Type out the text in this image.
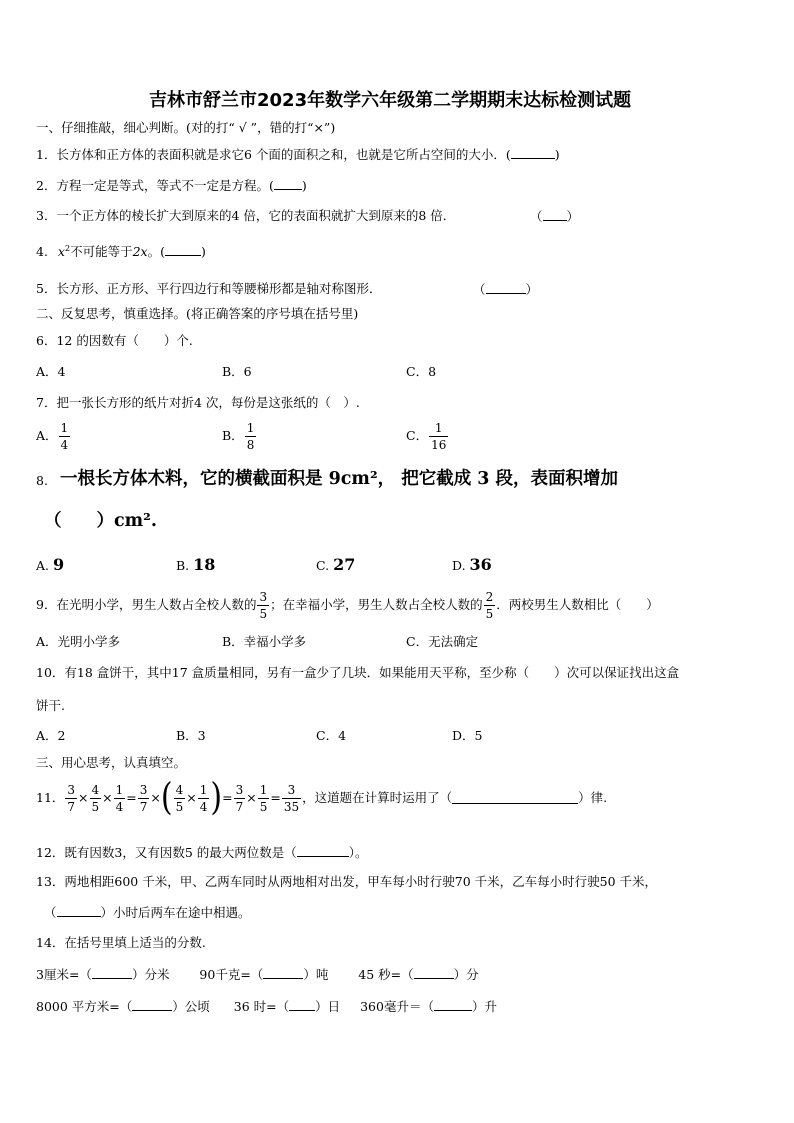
吉林市舒兰市2023年数学六年级第二学期期末达标检测试题
一、仔细推敲，细心判断。(对的打“ √ ”，错的打“×”)
1．长方体和正方体的表面积就是求它6 个面的面积之和，也就是它所占空间的大小．(	)
2．方程一定是等式，等式不一定是方程。( )
3．一个正方体的棱长扩大到原来的4 倍，它的表面积就扩大到原来的8 倍．	（ ）
4. $x^2$不可能等于2x。(	)
5．长方形、正方形、平行四边行和等腰梯形都是轴对称图形．	（	）
二、反复思考，慎重选择。(将正确答案的序号填在括号里)
6．12 的因数有（　　）个.
A．4	B．6	C．8
7．把一张长方形的纸片对折4 次，每份是这张纸的（　）.
A． $\frac{1}{4}$	B． $\frac{1}{8}$	C． $\frac{1}{16}$
8. 一根长方体木料，它的横截面积是 9cm²， 把它截成 3 段，表面积增加
（　　）cm².
A. 9	B. 18	C. 27	D. 36
9．在光明小学，男生人数占全校人数的 $\frac{3}{5}$ ；在幸福小学，男生人数占全校人数的 $\frac{2}{5}$ ．两校男生人数相比（　　）
A．光明小学多	B．幸福小学多	C．无法确定
10．有18 盒饼干，其中17 盒质量相同，另有一盒少了几块．如果能用天平称，至少称（　　）次可以保证找出这盒
饼干.
A．2	B．3	C．4	D．5
三、用心思考，认真填空。
11． $\frac{3}{7} \times \frac{4}{5} \times \frac{1}{4} = \frac{3}{7}$ × ( $\frac{4}{5} \times \frac{1}{4}$ ) = $\frac{3}{7} \times \frac{1}{5} = \frac{3}{35}$ ，这道题在计算时运用了（	）律.
12．既有因数3，又有因数5 的最大两位数是（	）。
13．两地相距600 千米，甲、乙两车同时从两地相对出发，甲车每小时行驶70 千米，乙车每小时行驶50 千米，
（	）小时后两车在途中相遇。
14．在括号里填上适当的分数.
3厘米=（	）分米 90千克=（	）吨 45 秒=（	）分
8000 平方米=（	）公顷 36 时=（ ）日 360毫升＝（	）升
